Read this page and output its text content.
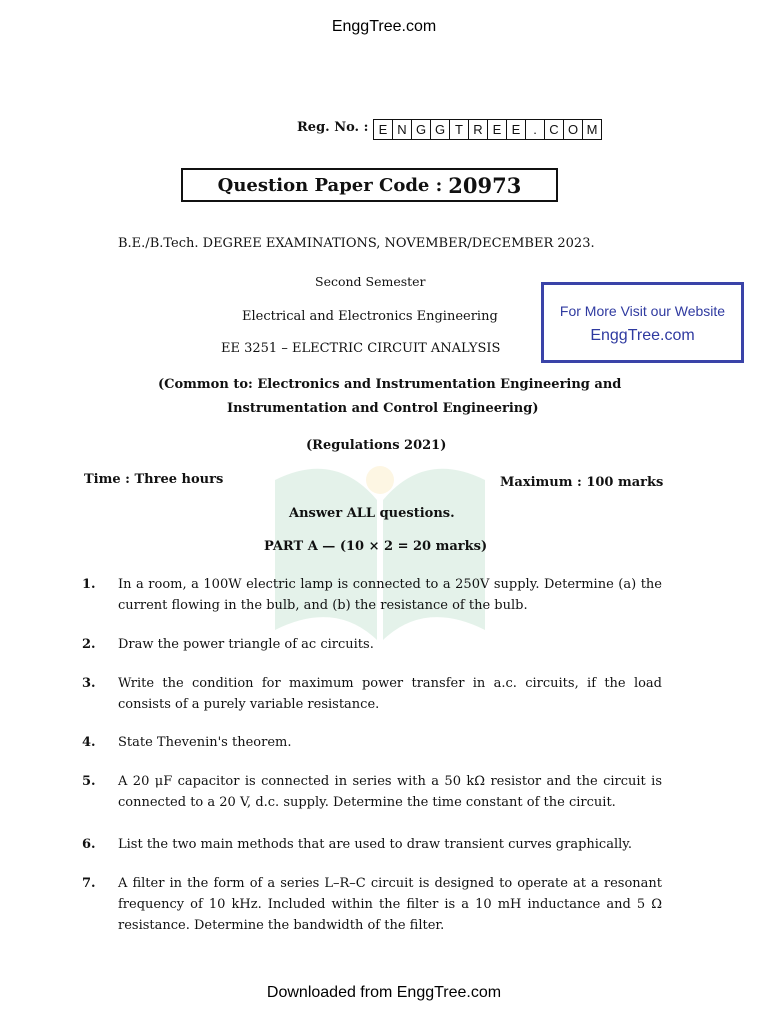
EnggTree.com
Reg. No. : E N G G T R E E . C O M
Question Paper Code : 20973
B.E./B.Tech. DEGREE EXAMINATIONS, NOVEMBER/DECEMBER 2023.
Second Semester
Electrical and Electronics Engineering
EE 3251 – ELECTRIC CIRCUIT ANALYSIS
For More Visit our Website
EnggTree.com
(Common to: Electronics and Instrumentation Engineering and
Instrumentation and Control Engineering)
(Regulations 2021)
Time : Three hours	Maximum : 100 marks
Answer ALL questions.
PART A — (10 × 2 = 20 marks)
1. In a room, a 100W electric lamp is connected to a 250V supply. Determine (a) the current flowing in the bulb, and (b) the resistance of the bulb.
2. Draw the power triangle of ac circuits.
3. Write the condition for maximum power transfer in a.c. circuits, if the load consists of a purely variable resistance.
4. State Thevenin's theorem.
5. A 20 μF capacitor is connected in series with a 50 kΩ resistor and the circuit is connected to a 20 V, d.c. supply. Determine the time constant of the circuit.
6. List the two main methods that are used to draw transient curves graphically.
7. A filter in the form of a series L–R–C circuit is designed to operate at a resonant frequency of 10 kHz. Included within the filter is a 10 mH inductance and 5 Ω resistance. Determine the bandwidth of the filter.
Downloaded from EnggTree.com
